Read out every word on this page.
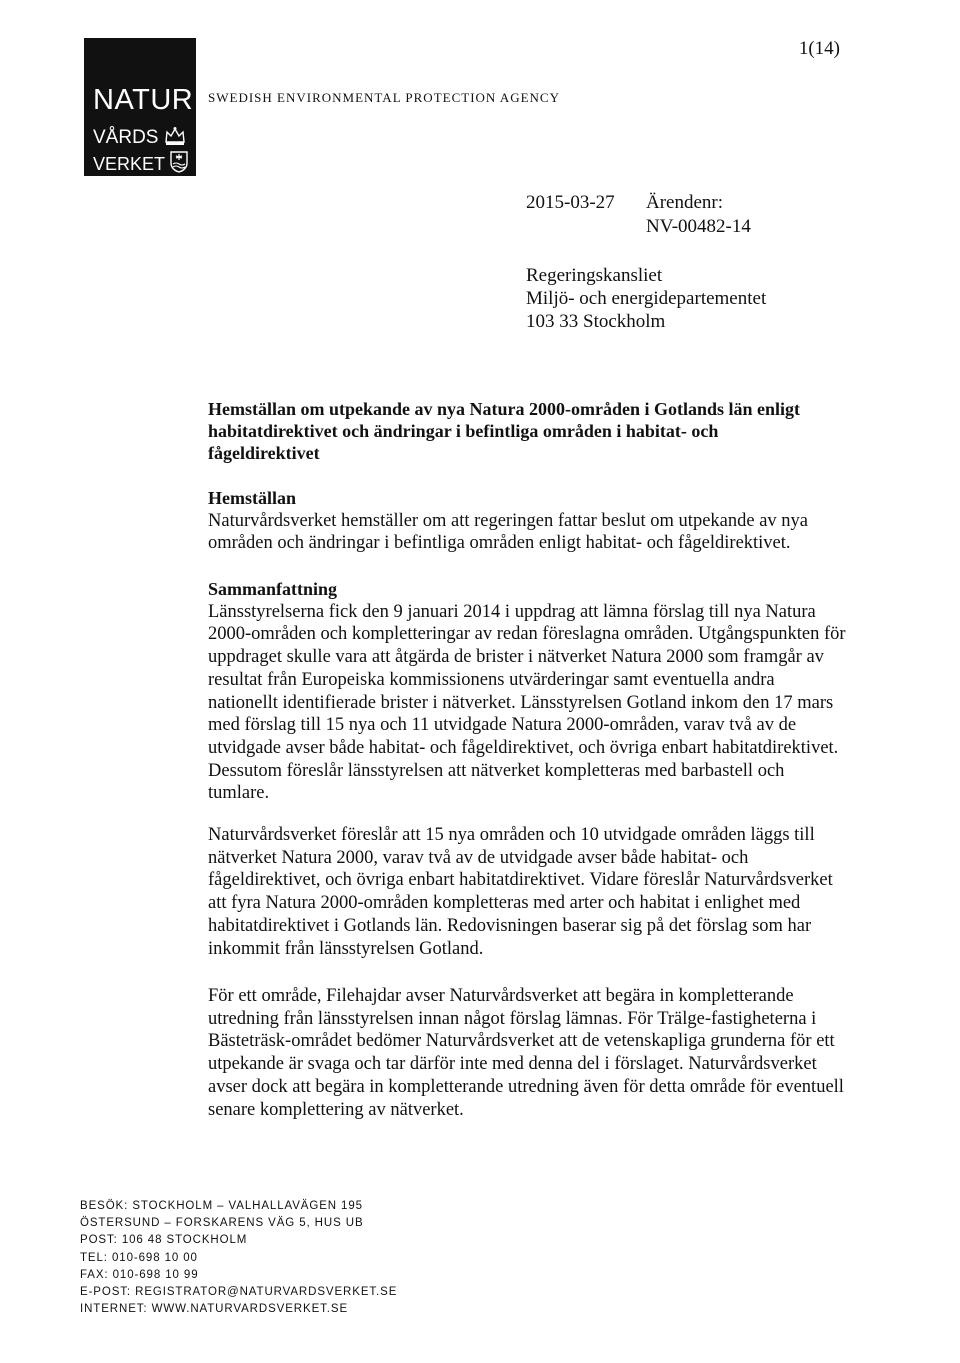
1(14)
NATUR
VÅRDS
VERKET
SWEDISH ENVIRONMENTAL PROTECTION AGENCY
2015-03-27 Ärendenr:
NV-00482-14
Regeringskansliet
Miljö- och energidepartementet
103 33 Stockholm
Hemställan om utpekande av nya Natura 2000-områden i Gotlands län enligt habitatdirektivet och ändringar i befintliga områden i habitat- och fågeldirektivet
Hemställan

Naturvårdsverket hemställer om att regeringen fattar beslut om utpekande av nya områden och ändringar i befintliga områden enligt habitat- och fågeldirektivet.

Sammanfattning

Länsstyrelserna fick den 9 januari 2014 i uppdrag att lämna förslag till nya Natura 2000-områden och kompletteringar av redan föreslagna områden. Utgångspunkten för uppdraget skulle vara att åtgärda de brister i nätverket Natura 2000 som framgår av resultat från Europeiska kommissionens utvärderingar samt eventuella andra nationellt identifierade brister i nätverket. Länsstyrelsen Gotland inkom den 17 mars med förslag till 15 nya och 11 utvidgade Natura 2000-områden, varav två av de utvidgade avser både habitat- och fågeldirektivet, och övriga enbart habitatdirektivet. Dessutom föreslår länsstyrelsen att nätverket kompletteras med barbastell och tumlare.

Naturvårdsverket föreslår att 15 nya områden och 10 utvidgade områden läggs till nätverket Natura 2000, varav två av de utvidgade avser både habitat- och fågeldirektivet, och övriga enbart habitatdirektivet. Vidare föreslår Naturvårdsverket att fyra Natura 2000-områden kompletteras med arter och habitat i enlighet med habitatdirektivet i Gotlands län. Redovisningen baserar sig på det förslag som har inkommit från länsstyrelsen Gotland.

För ett område, Filehajdar avser Naturvårdsverket att begära in kompletterande utredning från länsstyrelsen innan något förslag lämnas. För Trälge-fastigheterna i Bästeträsk-området bedömer Naturvårdsverket att de vetenskapliga grunderna för ett utpekande är svaga och tar därför inte med denna del i förslaget. Naturvårdsverket avser dock att begära in kompletterande utredning även för detta område för eventuell senare komplettering av nätverket.

BESÖK: STOCKHOLM – VALHALLAVÄGEN 195
ÖSTERSUND – FORSKARENS VÄG 5, HUS UB
POST: 106 48 STOCKHOLM
TEL: 010-698 10 00
FAX: 010-698 10 99
E-POST: REGISTRATOR@NATURVARDSVERKET.SE
INTERNET: WWW.NATURVARDSVERKET.SE
